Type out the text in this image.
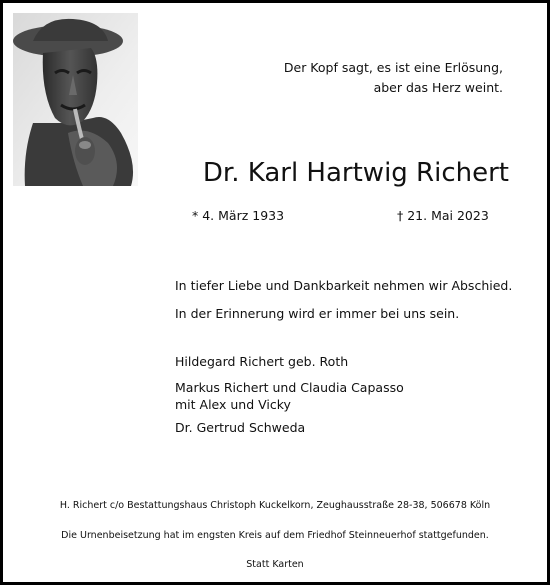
Der Kopf sagt, es ist eine Erlösung,
aber das Herz weint.
Dr. Karl Hartwig Richert
* 4. März 1933	† 21. Mai 2023
In tiefer Liebe und Dankbarkeit nehmen wir Abschied.
In der Erinnerung wird er immer bei uns sein.
Hildegard Richert geb. Roth
Markus Richert und Claudia Capasso
mit Alex und Vicky
Dr. Gertrud Schweda
H. Richert c/o Bestattungshaus Christoph Kuckelkorn, Zeughausstraße 28-38, 506678 Köln
Die Urnenbeisetzung hat im engsten Kreis auf dem Friedhof Steinneuerhof stattgefunden.
Statt Karten
